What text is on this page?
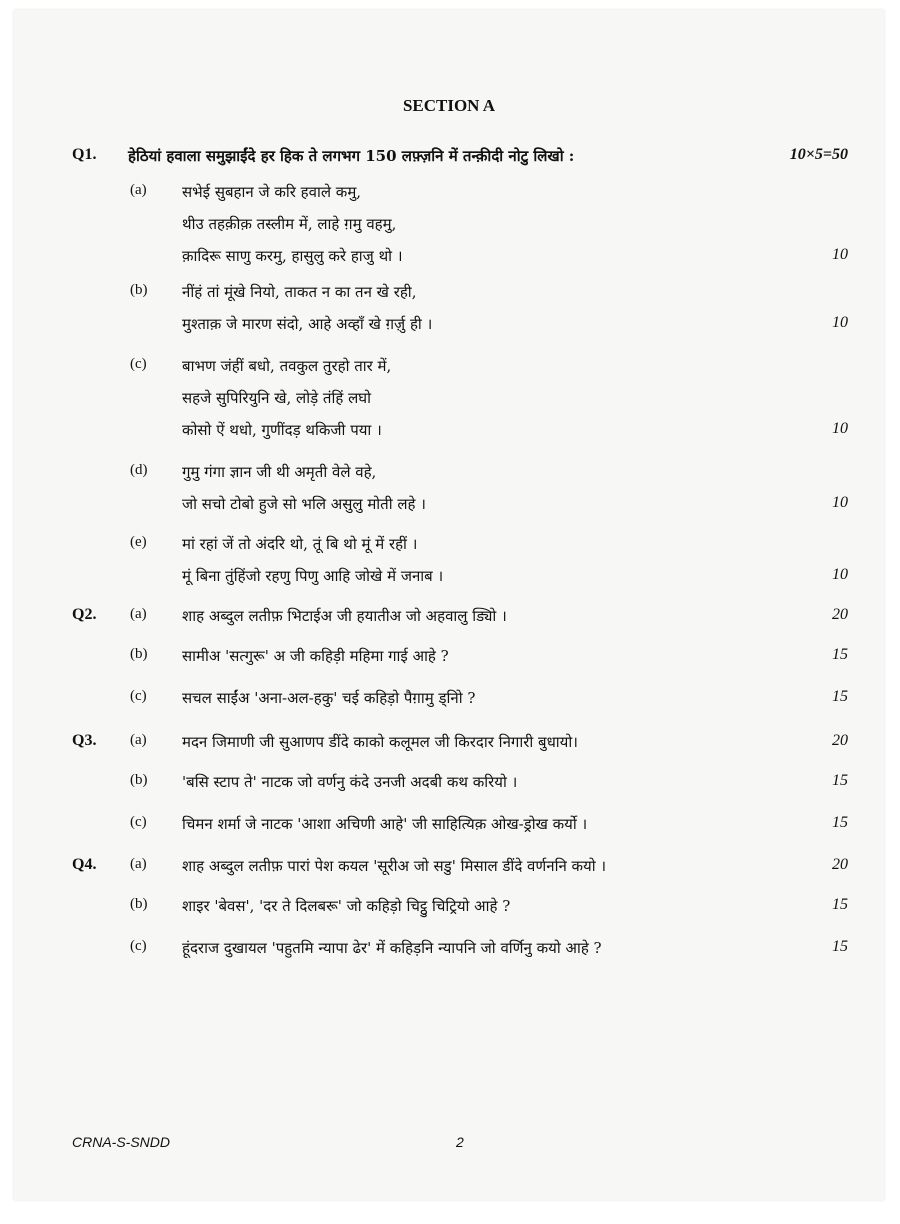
SECTION A
Q1. हेठियां हवाला समुझाईंदे हर हिक ते लगभग 150 लफ़्ज़नि में तन्क़ीदी नोटु लिखो :	10×5=50
(a) सभेई सुबहान जे करि हवाले कमु,
थीउ तहक़ीक़ तस्लीम में, लाहे ग़मु वहमु,
क़ादिरू साणु करमु, हासुलु करे हाजु थो ।	10
(b) नींहं तां मूंखे नियो, ताकत न का तन खे रही,
मुश्ताक़ जे मारण संदो, आहे अव्हाँ खे ग़र्ज़ु ही ।	10
(c) बाभण जंहीं बधो, तवकुल तुरहो तार में,
सहजे सुपिरियुनि खे, लोड़े तंहिं लघो
कोसो ऐं थधो, गुणींदड़ थकिजी पया ।	10
(d) गुमु गंगा ज्ञान जी थी अमृती वेले वहे,
जो सचो टोबो हुजे सो भलि असुलु मोती लहे ।	10
(e) मां रहां जें तो अंदरि थो, तूं बि थो मूं में रहीं ।
मूं बिना तुंहिंजो रहणु पिणु आहि जोखे में जनाब ।	10
Q2. (a) शाह अब्दुल लतीफ़ भिटाईअ जी हयातीअ जो अहवालु ड्यिो ।	20
(b) सामीअ 'सत्गुरू' अ जी कहिड़ी महिमा गाई आहे ?	15
(c) सचल साईंअ 'अना-अल-हकु' चई कहिड़ो पैग़ामु ड्निो ?	15
Q3. (a) मदन जिमाणी जी सुआणप डींदे काको कलूमल जी किरदार निगारी बुधायो।	20
(b) 'बसि स्टाप ते' नाटक जो वर्णनु कंदे उनजी अदबी कथ करियो ।	15
(c) चिमन शर्मा जे नाटक 'आशा अचिणी आहे' जी साहित्यिक़ ओख-ड्रोख कर्यो ।	15
Q4. (a) शाह अब्दुल लतीफ़ पारां पेश कयल 'सूरीअ जो सडु' मिसाल डींदे वर्णननि कयो ।	20
(b) शाइर 'बेवस', 'दर ते दिलबरू' जो कहिड़ो चिट्ठु चिट्रियो आहे ?	15
(c) हूंदराज दुखायल 'पहुतमि न्यापा ढेर' में कहिड़नि न्यापनि जो वर्णिनु कयो आहे ?	15
CRNA-S-SNDD	2
